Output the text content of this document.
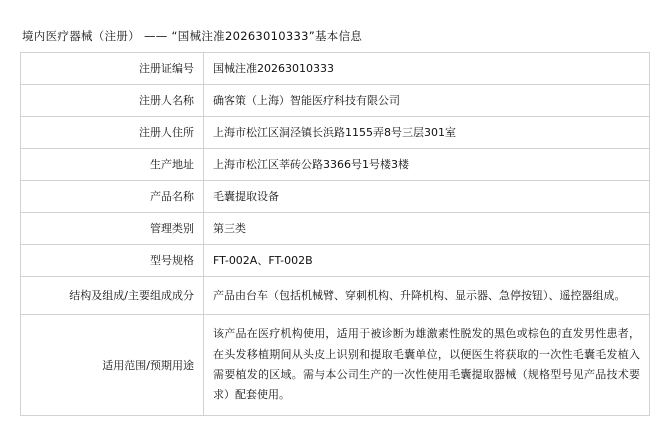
境内医疗器械（注册） —— “国械注准20263010333”基本信息
注册证编号	国械注准20263010333
注册人名称	确客策（上海）智能医疗科技有限公司
注册人住所	上海市松江区洞泾镇长浜路1155弄8号三层301室
生产地址	上海市松江区莘砖公路3366号1号楼3楼
产品名称	毛囊提取设备
管理类别	第三类
型号规格	FT-002A、FT-002B
结构及组成/主要组成成分	产品由台车（包括机械臂、穿刺机构、升降机构、显示器、急停按钮）、遥控器组成。
适用范围/预期用途	该产品在医疗机构使用，适用于被诊断为雄激素性脱发的黑色或棕色的直发男性患者，在头发移植期间从头皮上识别和提取毛囊单位，以便医生将获取的一次性毛囊毛发植入需要植发的区域。需与本公司生产的一次性使用毛囊提取器械（规格型号见产品技术要求）配套使用。
